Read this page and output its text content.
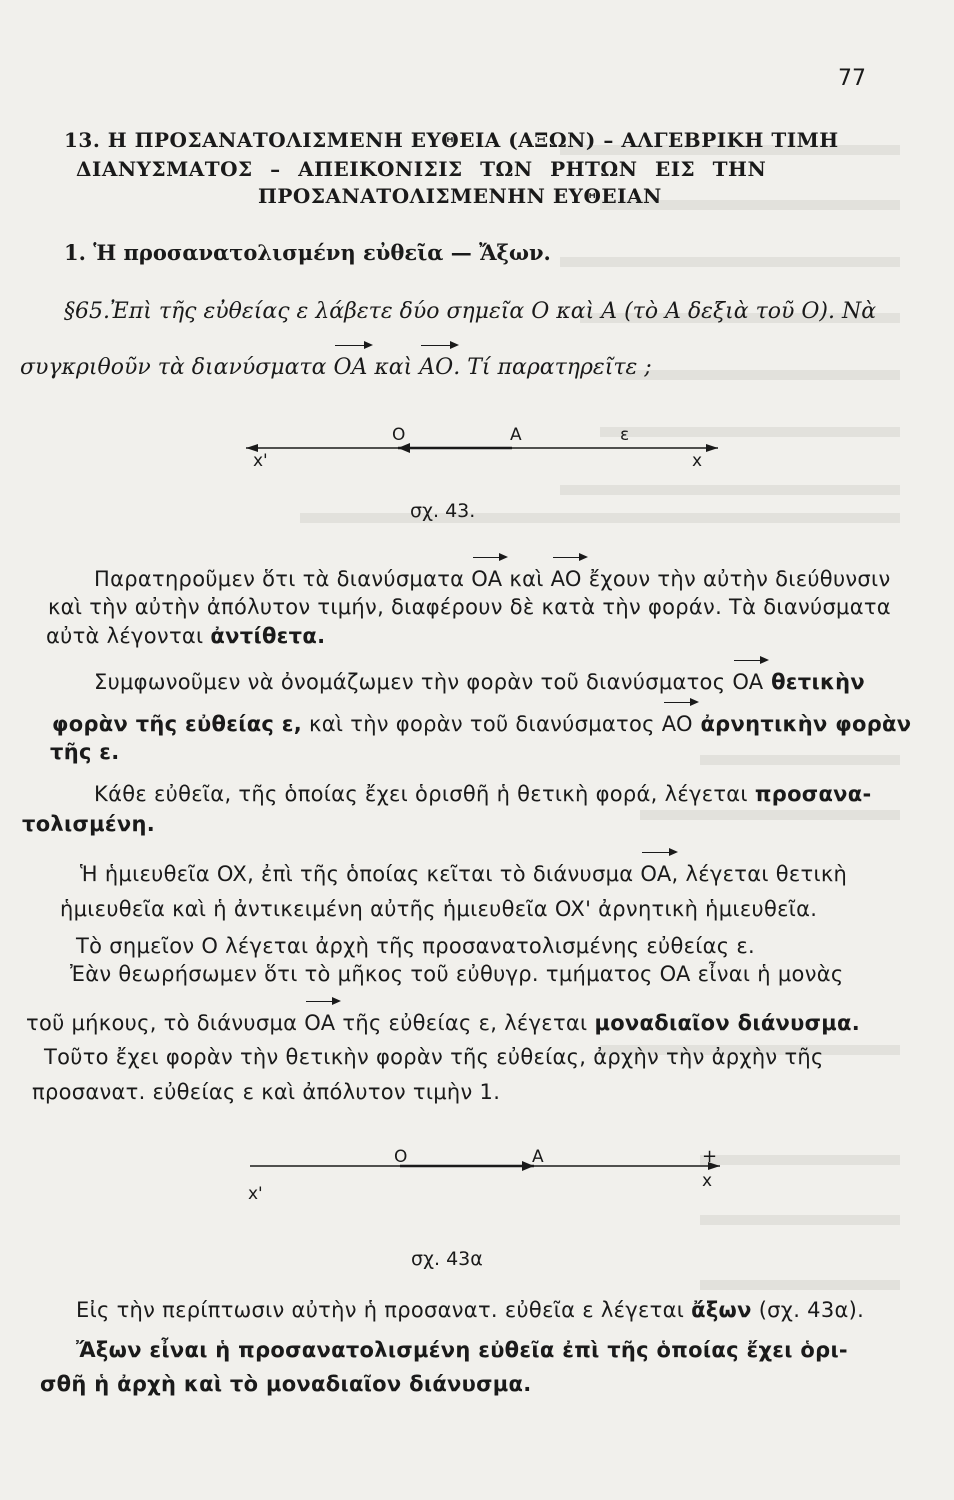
77
13. Η ΠΡΟΣΑΝΑΤΟΛΙΣΜΕΝΗ ΕΥΘΕΙΑ (ΑΞΩΝ) – ΑΛΓΕΒΡΙΚΗ ΤΙΜΗ
ΔΙΑΝΥΣΜΑΤΟΣ – ΑΠΕΙΚΟΝΙΣΙΣ ΤΩΝ ΡΗΤΩΝ ΕΙΣ ΤΗΝ
ΠΡΟΣΑΝΑΤΟΛΙΣΜΕΝΗΝ ΕΥΘΕΙΑΝ
1. Ἡ προσανατολισμένη εὐθεῖα — Ἄξων.
§65.Ἐπὶ τῆς εὐθείας ε λάβετε δύο σημεῖα O καὶ A (τὸ A δεξιὰ τοῦ O). Νὰ
συγκριθοῦν τὰ διανύσματα OA καὶ AO. Τί παρατηρεῖτε ;
x'	x
O	A	ε
σχ. 43.
Παρατηροῦμεν ὅτι τὰ διανύσματα OA καὶ AO ἔχουν τὴν αὐτὴν διεύθυνσιν
καὶ τὴν αὐτὴν ἀπόλυτον τιμήν, διαφέρουν δὲ κατὰ τὴν φοράν. Τὰ διανύσματα
αὐτὰ λέγονται ἀντίθετα.
Συμφωνοῦμεν νὰ ὀνομάζωμεν τὴν φορὰν τοῦ διανύσματος OA θετικὴν
φορὰν τῆς εὐθείας ε, καὶ τὴν φορὰν τοῦ διανύσματος AO ἀρνητικὴν φορὰν
τῆς ε.
Κάθε εὐθεῖα, τῆς ὁποίας ἔχει ὁρισθῆ ἡ θετικὴ φορά, λέγεται προσανα-
τολισμένη.
Ἡ ἡμιευθεῖα OX, ἐπὶ τῆς ὁποίας κεῖται τὸ διάνυσμα OA, λέγεται θετικὴ
ἡμιευθεῖα καὶ ἡ ἀντικειμένη αὐτῆς ἡμιευθεῖα OX' ἀρνητικὴ ἡμιευθεῖα.
Τὸ σημεῖον O λέγεται ἀρχὴ τῆς προσανατολισμένης εὐθείας ε.
Ἐὰν θεωρήσωμεν ὅτι τὸ μῆκος τοῦ εὐθυγρ. τμήματος OA εἶναι ἡ μονὰς
τοῦ μήκους, τὸ διάνυσμα OA τῆς εὐθείας ε, λέγεται μοναδιαῖον διάνυσμα.
Τοῦτο ἔχει φορὰν τὴν θετικὴν φορὰν τῆς εὐθείας, ἀρχὴν τὴν ἀρχὴν τῆς
προσανατ. εὐθείας ε καὶ ἀπόλυτον τιμὴν 1.
x'
x
O	A	+
σχ. 43α
Εἰς τὴν περίπτωσιν αὐτὴν ἡ προσανατ. εὐθεῖα ε λέγεται ἄξων (σχ. 43α).
Ἄξων εἶναι ἡ προσανατολισμένη εὐθεῖα ἐπὶ τῆς ὁποίας ἔχει ὁρι-
σθῆ ἡ ἀρχὴ καὶ τὸ μοναδιαῖον διάνυσμα.
